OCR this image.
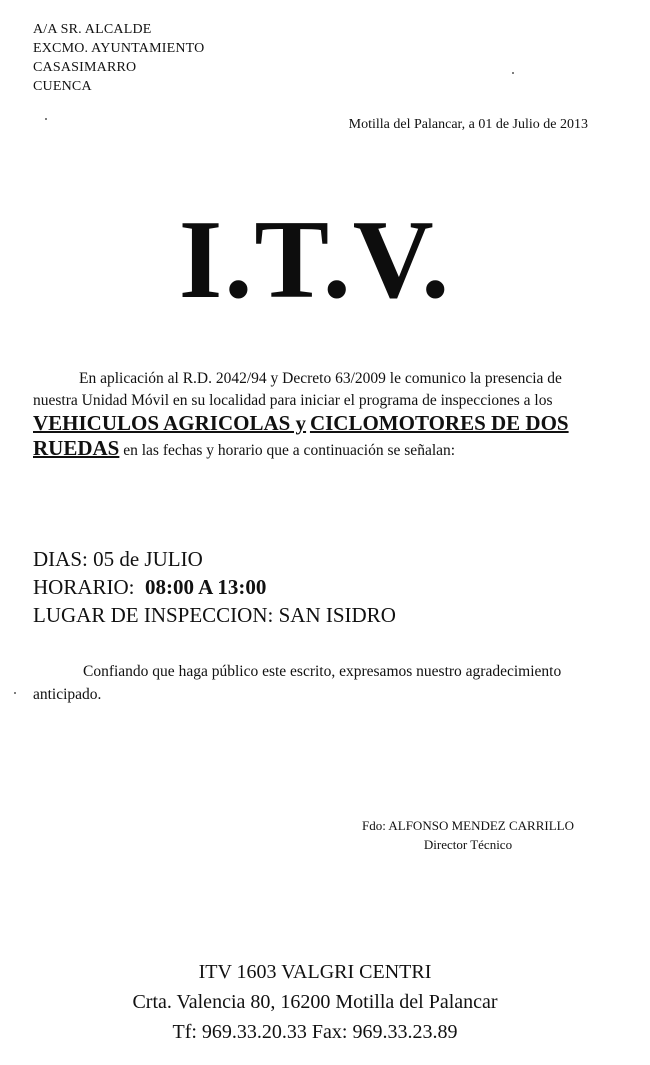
A/A SR. ALCALDE
EXCMO. AYUNTAMIENTO
CASASIMARRO
CUENCA
Motilla del Palancar, a 01 de Julio de 2013
I.T.V.
En aplicación al R.D. 2042/94 y Decreto 63/2009 le comunico la presencia de nuestra Unidad Móvil en su localidad para iniciar el programa de inspecciones a los VEHICULOS AGRICOLAS y CICLOMOTORES DE DOS RUEDAS en las fechas y horario que a continuación se señalan:
DIAS: 05 de JULIO
HORARIO: 08:00 A 13:00
LUGAR DE INSPECCION: SAN ISIDRO
Confiando que haga público este escrito, expresamos nuestro agradecimiento anticipado.
Fdo: ALFONSO MENDEZ CARRILLO
Director Técnico
ITV 1603 VALGRI CENTRI
Crta. Valencia 80, 16200 Motilla del Palancar
Tf: 969.33.20.33 Fax: 969.33.23.89
